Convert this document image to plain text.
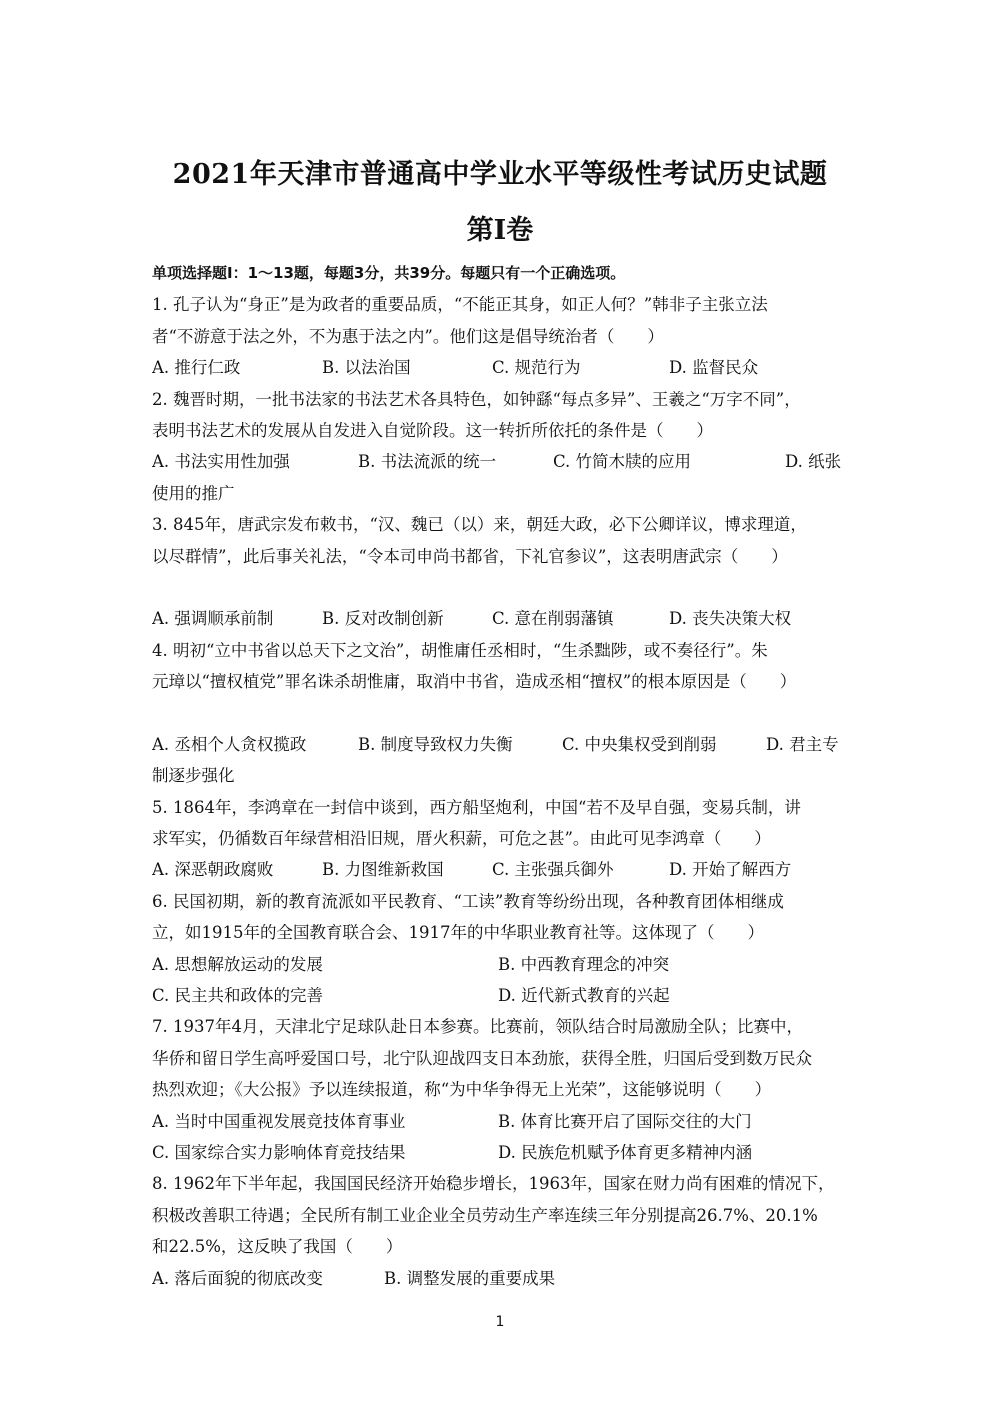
2021年天津市普通高中学业水平等级性考试历史试题
第Ⅰ卷
单项选择题Ⅰ：1～13题，每题3分，共39分。每题只有一个正确选项。
1. 孔子认为“身正”是为政者的重要品质，“不能正其身，如正人何？”韩非子主张立法
者“不游意于法之外，不为惠于法之内”。他们这是倡导统治者（　　）
A. 推行仁政	B. 以法治国	C. 规范行为	D. 监督民众
2. 魏晋时期，一批书法家的书法艺术各具特色，如钟繇“每点多异”、王羲之“万字不同”，
表明书法艺术的发展从自发进入自觉阶段。这一转折所依托的条件是（　　）
A. 书法实用性加强	B. 书法流派的统一	C. 竹简木牍的应用	D. 纸张
使用的推广
3. 845年，唐武宗发布敕书，“汉、魏已（以）来，朝廷大政，必下公卿详议，博求理道，
以尽群情”，此后事关礼法，“令本司申尚书都省，下礼官参议”，这表明唐武宗（　　）
A. 强调顺承前制	B. 反对改制创新	C. 意在削弱藩镇	D. 丧失决策大权
4. 明初“立中书省以总天下之文治”，胡惟庸任丞相时，“生杀黜陟，或不奏径行”。朱
元璋以“擅权植党”罪名诛杀胡惟庸，取消中书省，造成丞相“擅权”的根本原因是（　　）
A. 丞相个人贪权揽政	B. 制度导致权力失衡	C. 中央集权受到削弱	D. 君主专
制逐步强化
5. 1864年，李鸿章在一封信中谈到，西方船坚炮利，中国“若不及早自强，变易兵制，讲
求军实，仍循数百年绿营相沿旧规，厝火积薪，可危之甚”。由此可见李鸿章（　　）
A. 深恶朝政腐败	B. 力图维新救国	C. 主张强兵御外	D. 开始了解西方
6. 民国初期，新的教育流派如平民教育、“工读”教育等纷纷出现，各种教育团体相继成
立，如1915年的全国教育联合会、1917年的中华职业教育社等。这体现了（　　）
A. 思想解放运动的发展	B. 中西教育理念的冲突
C. 民主共和政体的完善	D. 近代新式教育的兴起
7. 1937年4月，天津北宁足球队赴日本参赛。比赛前，领队结合时局激励全队；比赛中，
华侨和留日学生高呼爱国口号，北宁队迎战四支日本劲旅，获得全胜，归国后受到数万民众
热烈欢迎；《大公报》予以连续报道，称“为中华争得无上光荣”，这能够说明（　　）
A. 当时中国重视发展竞技体育事业	B. 体育比赛开启了国际交往的大门
C. 国家综合实力影响体育竞技结果	D. 民族危机赋予体育更多精神内涵
8. 1962年下半年起，我国国民经济开始稳步增长，1963年，国家在财力尚有困难的情况下，
积极改善职工待遇；全民所有制工业企业全员劳动生产率连续三年分别提高26.7%、20.1%
和22.5%，这反映了我国（　　）
A. 落后面貌的彻底改变	B. 调整发展的重要成果
1
